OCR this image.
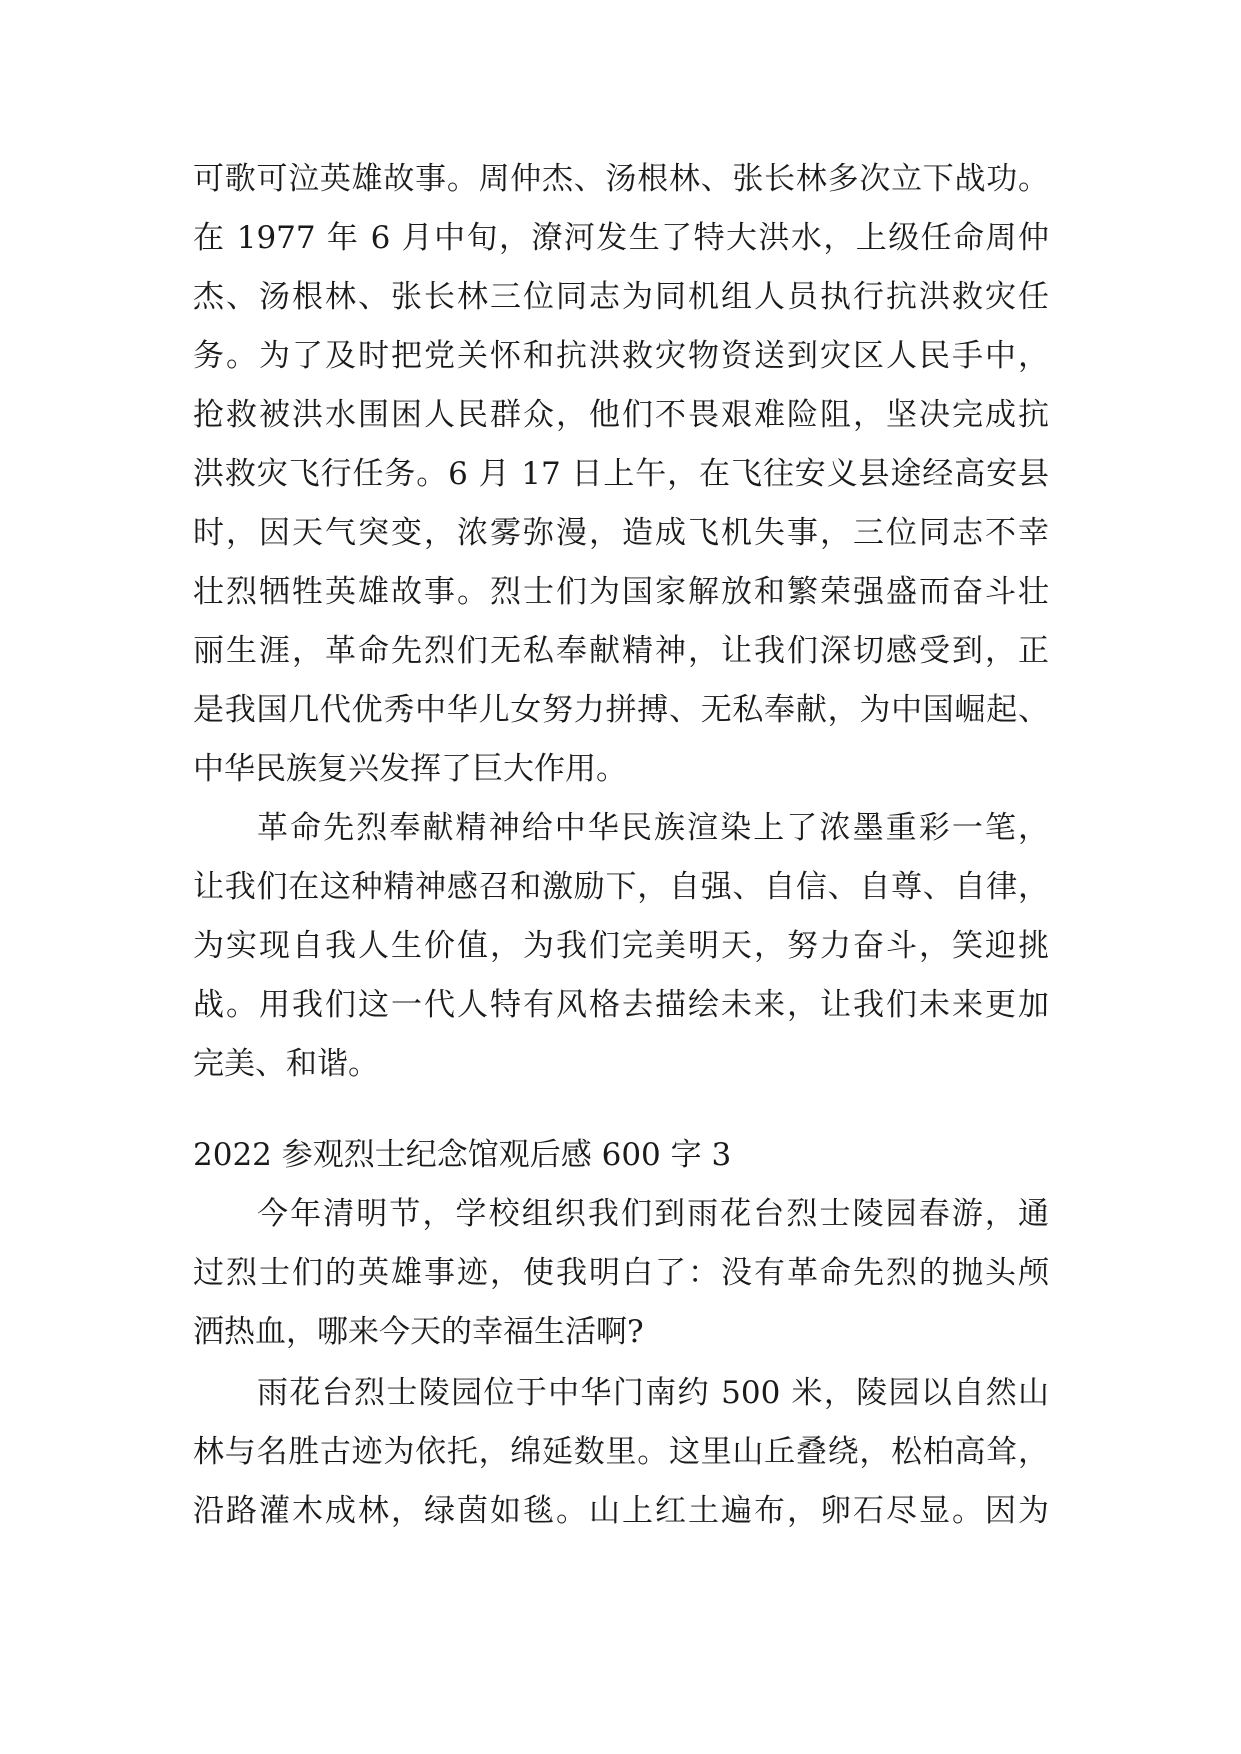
可歌可泣英雄故事。周仲杰、汤根林、张长林多次立下战功。
在 1977 年 6 月中旬，潦河发生了特大洪水，上级任命周仲
杰、汤根林、张长林三位同志为同机组人员执行抗洪救灾任
务。为了及时把党关怀和抗洪救灾物资送到灾区人民手中，
抢救被洪水围困人民群众，他们不畏艰难险阻，坚决完成抗
洪救灾飞行任务。6 月 17 日上午，在飞往安义县途经高安县
时，因天气突变，浓雾弥漫，造成飞机失事，三位同志不幸
壮烈牺牲英雄故事。烈士们为国家解放和繁荣强盛而奋斗壮
丽生涯，革命先烈们无私奉献精神，让我们深切感受到，正
是我国几代优秀中华儿女努力拼搏、无私奉献，为中国崛起、
中华民族复兴发挥了巨大作用。
革命先烈奉献精神给中华民族渲染上了浓墨重彩一笔，
让我们在这种精神感召和激励下，自强、自信、自尊、自律，
为实现自我人生价值，为我们完美明天，努力奋斗，笑迎挑
战。用我们这一代人特有风格去描绘未来，让我们未来更加
完美、和谐。
2022 参观烈士纪念馆观后感 600 字 3
今年清明节，学校组织我们到雨花台烈士陵园春游，通
过烈士们的英雄事迹，使我明白了：没有革命先烈的抛头颅
洒热血，哪来今天的幸福生活啊?
雨花台烈士陵园位于中华门南约 500 米，陵园以自然山
林与名胜古迹为依托，绵延数里。这里山丘叠绕，松柏高耸，
沿路灌木成林，绿茵如毯。山上红土遍布，卵石尽显。因为
